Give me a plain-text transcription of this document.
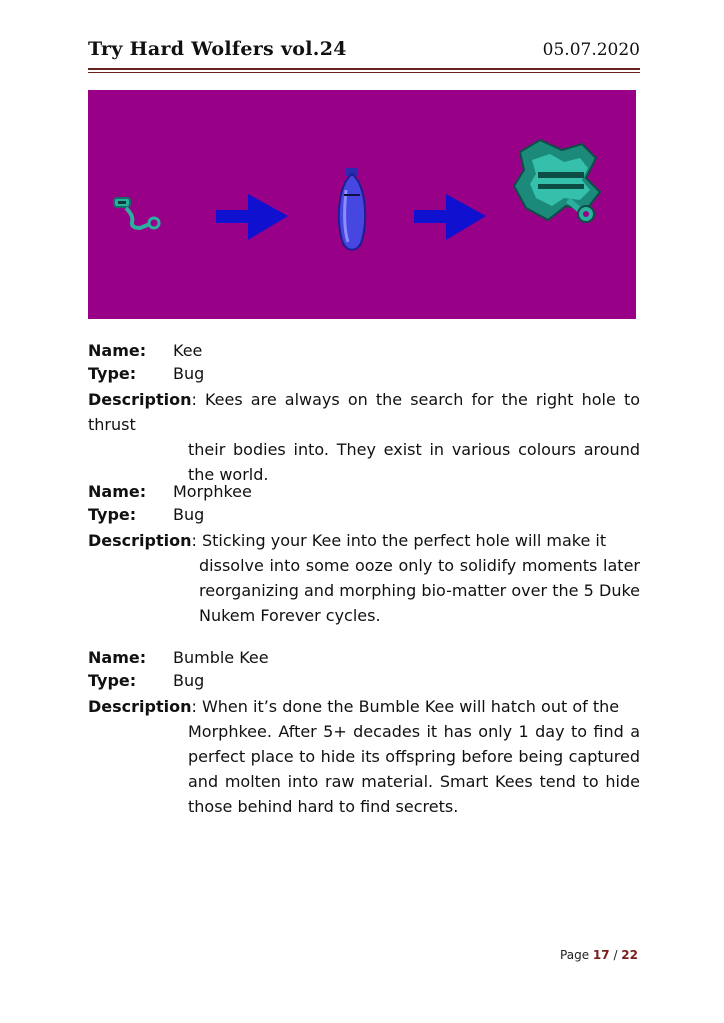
Try Hard Wolfers vol.24	05.07.2020
Name: Kee
Type: Bug
Description: Kees are always on the search for the right hole to thrust
their bodies into. They exist in various colours around the world.
Name: Morphkee
Type: Bug
Description: Sticking your Kee into the perfect hole will make it
dissolve into some ooze only to solidify moments later reorganizing and morphing bio-matter over the 5 Duke Nukem Forever cycles.
Name: Bumble Kee
Type: Bug
Description: When it’s done the Bumble Kee will hatch out of the
Morphkee. After 5+ decades it has only 1 day to find a perfect place to hide its offspring before being captured and molten into raw material. Smart Kees tend to hide those behind hard to find secrets.
Page 17 / 22
